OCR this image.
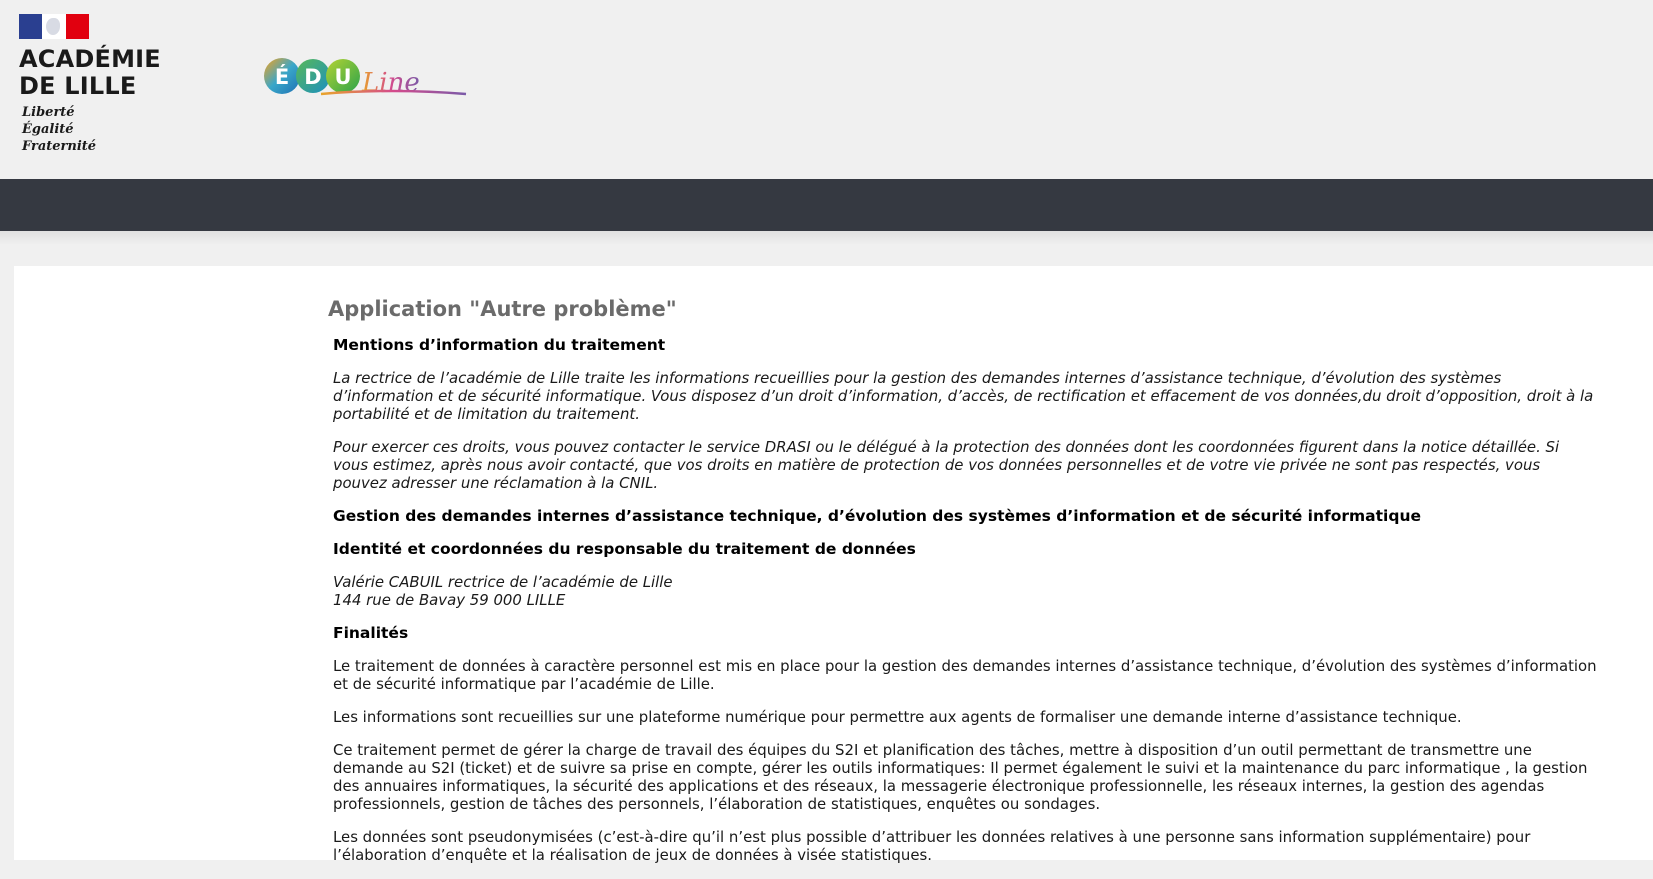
ACADÉMIE
DE LILLE
Liberté
Égalité
Fraternité
É D U Line
Application "Autre problème"
Mentions d’information du traitement

La rectrice de l’académie de Lille traite les informations recueillies pour la gestion des demandes internes d’assistance technique, d’évolution des systèmes d’information et de sécurité informatique. Vous disposez d’un droit d’information, d’accès, de rectification et effacement de vos données,du droit d’opposition, droit à la portabilité et de limitation du traitement.

Pour exercer ces droits, vous pouvez contacter le service DRASI ou le délégué à la protection des données dont les coordonnées figurent dans la notice détaillée. Si vous estimez, après nous avoir contacté, que vos droits en matière de protection de vos données personnelles et de votre vie privée ne sont pas respectés, vous pouvez adresser une réclamation à la CNIL.

Gestion des demandes internes d’assistance technique, d’évolution des systèmes d’information et de sécurité informatique
Identité et coordonnées du responsable du traitement de données

Valérie CABUIL rectrice de l’académie de Lille
144 rue de Bavay 59 000 LILLE

Finalités

Le traitement de données à caractère personnel est mis en place pour la gestion des demandes internes d’assistance technique, d’évolution des systèmes d’information et de sécurité informatique par l’académie de Lille.

Les informations sont recueillies sur une plateforme numérique pour permettre aux agents de formaliser une demande interne d’assistance technique.

Ce traitement permet de gérer la charge de travail des équipes du S2I et planification des tâches, mettre à disposition d’un outil permettant de transmettre une demande au S2I (ticket) et de suivre sa prise en compte, gérer les outils informatiques: Il permet également le suivi et la maintenance du parc informatique , la gestion des annuaires informatiques, la sécurité des applications et des réseaux, la messagerie électronique professionnelle, les réseaux internes, la gestion des agendas professionnels, gestion de tâches des personnels, l’élaboration de statistiques, enquêtes ou sondages.

Les données sont pseudonymisées (c’est-à-dire qu’il n’est plus possible d’attribuer les données relatives à une personne sans information supplémentaire) pour l’élaboration d’enquête et la réalisation de jeux de données à visée statistiques.
